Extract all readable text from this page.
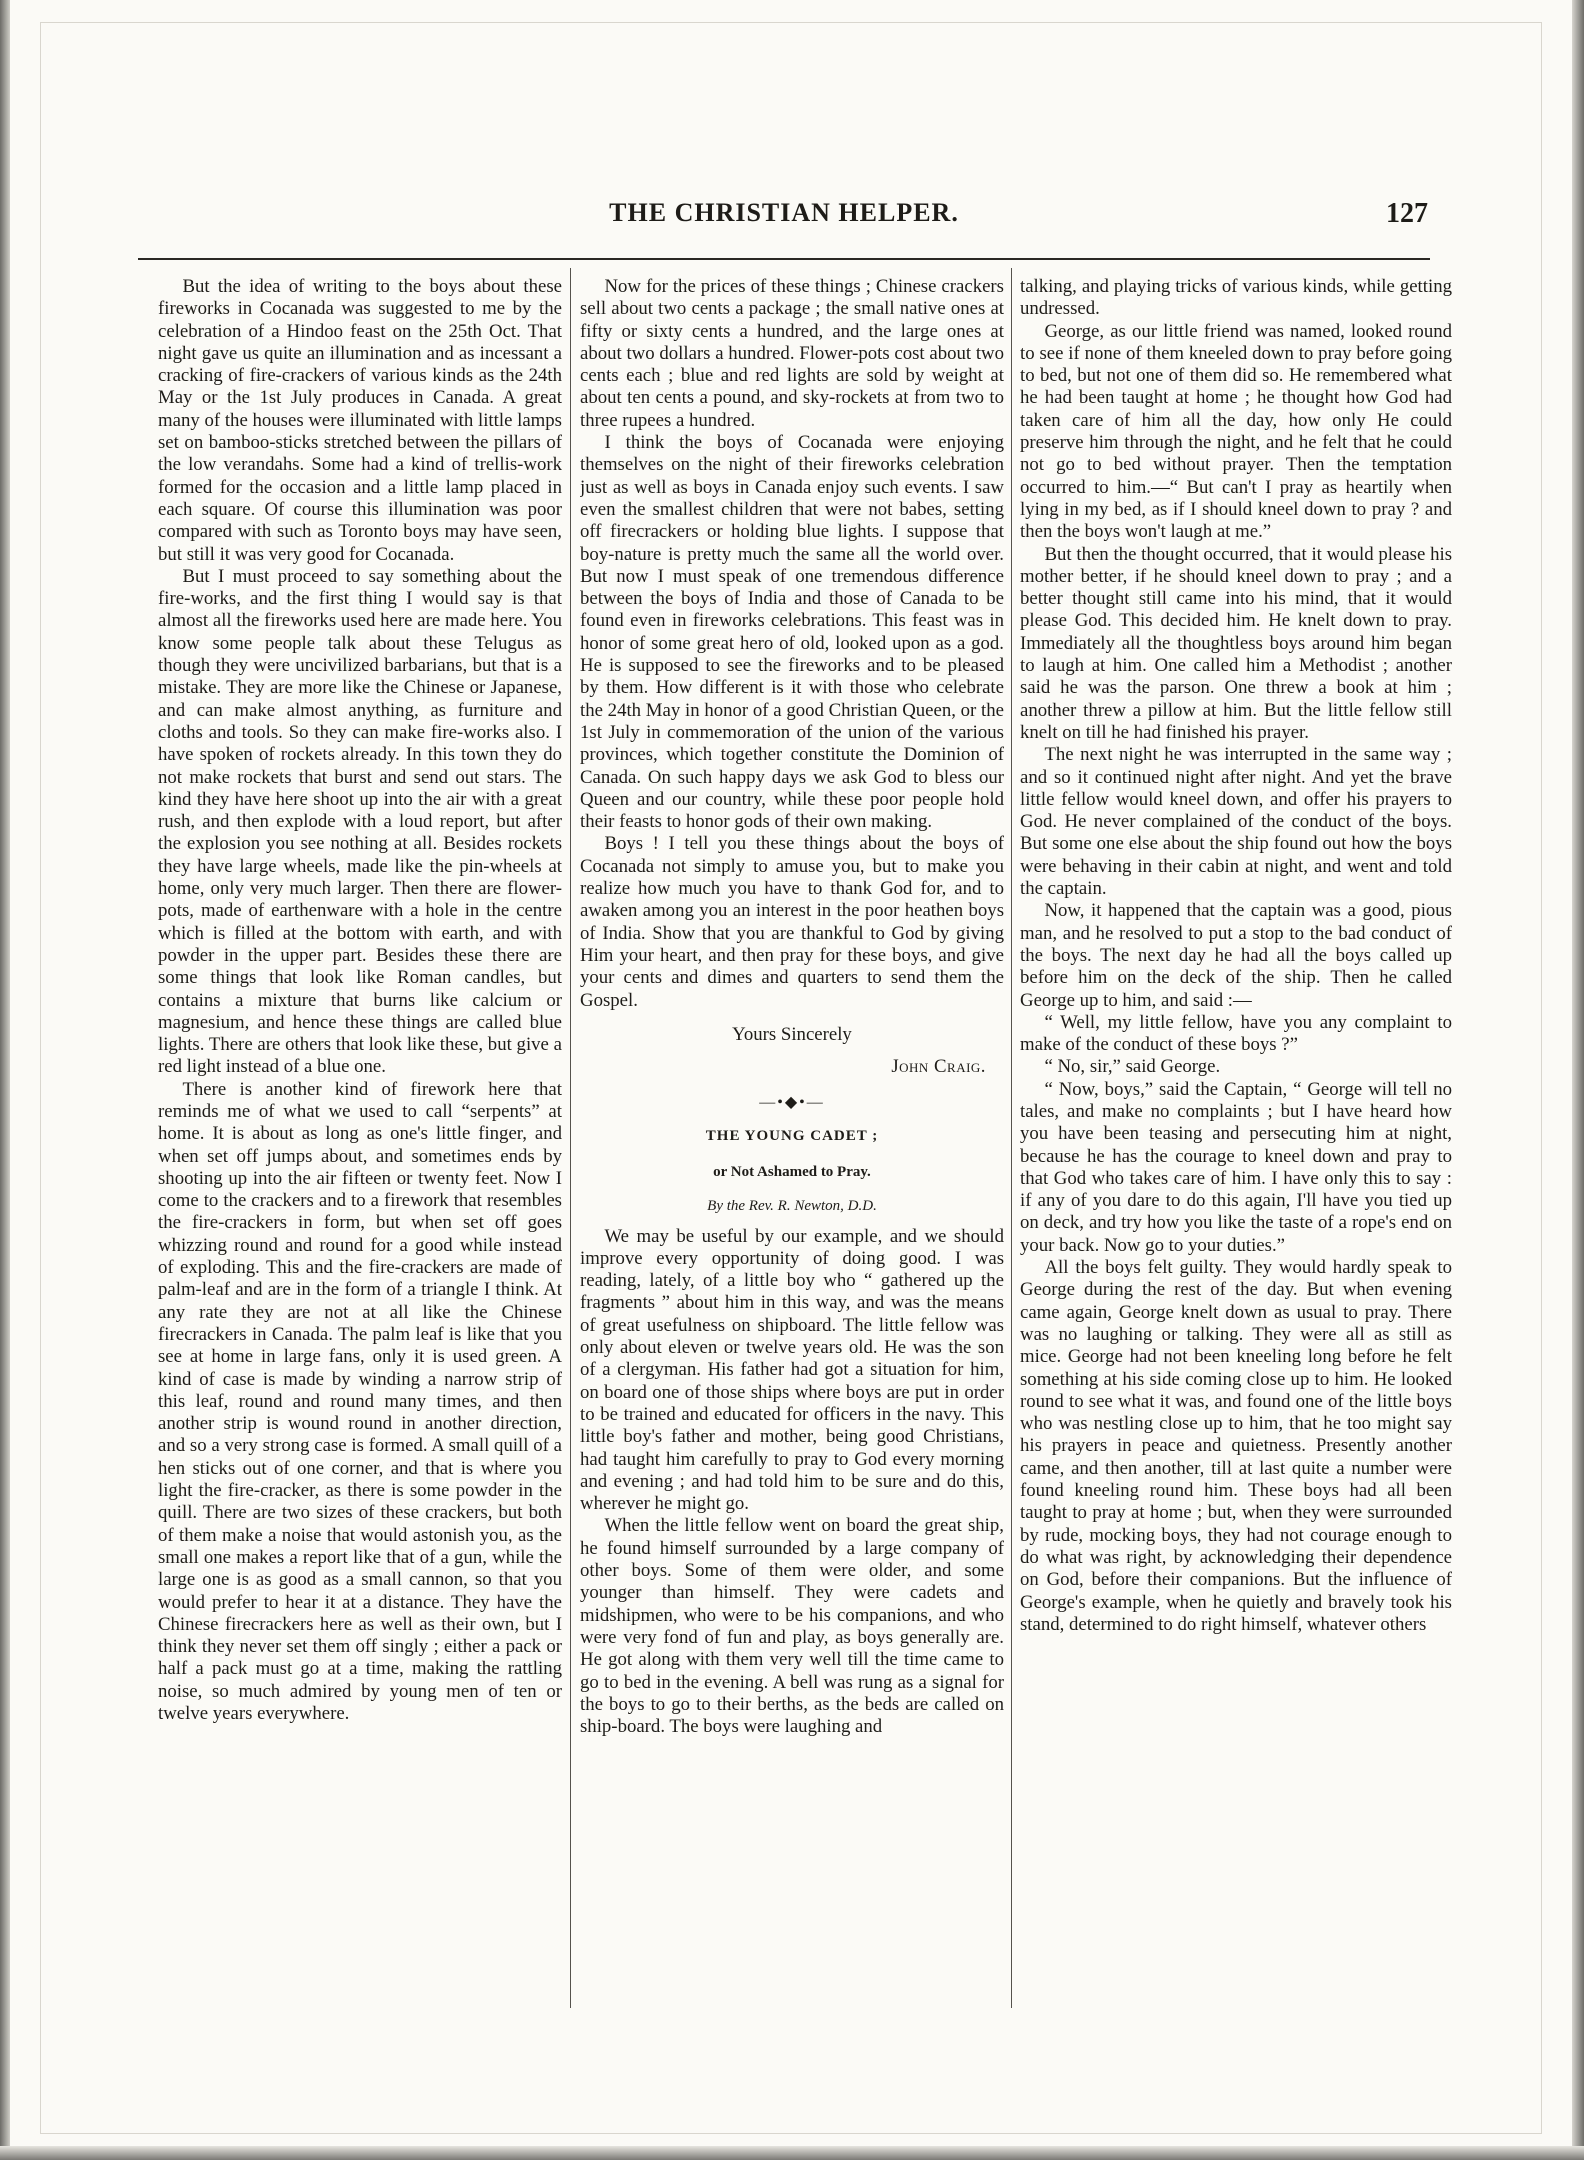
THE CHRISTIAN HELPER.	127

But the idea of writing to the boys about these fireworks in Cocanada was suggested to me by the celebration of a Hindoo feast on the 25th Oct. That night gave us quite an illumination and as incessant a cracking of fire-crackers of various kinds as the 24th May or the 1st July produces in Canada. A great many of the houses were illuminated with little lamps set on bamboo-sticks stretched between the pillars of the low verandahs. Some had a kind of trellis-work formed for the occasion and a little lamp placed in each square. Of course this illumination was poor compared with such as Toronto boys may have seen, but still it was very good for Cocanada.

But I must proceed to say something about the fire-works, and the first thing I would say is that almost all the fireworks used here are made here. You know some people talk about these Telugus as though they were uncivilized barbarians, but that is a mistake. They are more like the Chinese or Japanese, and can make almost anything, as furniture and cloths and tools. So they can make fire-works also. I have spoken of rockets already. In this town they do not make rockets that burst and send out stars. The kind they have here shoot up into the air with a great rush, and then explode with a loud report, but after the explosion you see nothing at all. Besides rockets they have large wheels, made like the pin-wheels at home, only very much larger. Then there are flower-pots, made of earthenware with a hole in the centre which is filled at the bottom with earth, and with powder in the upper part. Besides these there are some things that look like Roman candles, but contains a mixture that burns like calcium or magnesium, and hence these things are called blue lights. There are others that look like these, but give a red light instead of a blue one.

There is another kind of firework here that reminds me of what we used to call “serpents” at home. It is about as long as one's little finger, and when set off jumps about, and sometimes ends by shooting up into the air fifteen or twenty feet. Now I come to the crackers and to a firework that resembles the fire-crackers in form, but when set off goes whizzing round and round for a good while instead of exploding. This and the fire-crackers are made of palm-leaf and are in the form of a triangle I think. At any rate they are not at all like the Chinese firecrackers in Canada. The palm leaf is like that you see at home in large fans, only it is used green. A kind of case is made by winding a narrow strip of this leaf, round and round many times, and then another strip is wound round in another direction, and so a very strong case is formed. A small quill of a hen sticks out of one corner, and that is where you light the fire-cracker, as there is some powder in the quill. There are two sizes of these crackers, but both of them make a noise that would astonish you, as the small one makes a report like that of a gun, while the large one is as good as a small cannon, so that you would prefer to hear it at a distance. They have the Chinese firecrackers here as well as their own, but I think they never set them off singly ; either a pack or half a pack must go at a time, making the rattling noise, so much admired by young men of ten or twelve years everywhere.

Now for the prices of these things ; Chinese crackers sell about two cents a package ; the small native ones at fifty or sixty cents a hundred, and the large ones at about two dollars a hundred. Flower-pots cost about two cents each ; blue and red lights are sold by weight at about ten cents a pound, and sky-rockets at from two to three rupees a hundred.

I think the boys of Cocanada were enjoying themselves on the night of their fireworks celebration just as well as boys in Canada enjoy such events. I saw even the smallest children that were not babes, setting off firecrackers or holding blue lights. I suppose that boy-nature is pretty much the same all the world over. But now I must speak of one tremendous difference between the boys of India and those of Canada to be found even in fireworks celebrations. This feast was in honor of some great hero of old, looked upon as a god. He is supposed to see the fireworks and to be pleased by them. How different is it with those who celebrate the 24th May in honor of a good Christian Queen, or the 1st July in commemoration of the union of the various provinces, which together constitute the Dominion of Canada. On such happy days we ask God to bless our Queen and our country, while these poor people hold their feasts to honor gods of their own making.

Boys ! I tell you these things about the boys of Cocanada not simply to amuse you, but to make you realize how much you have to thank God for, and to awaken among you an interest in the poor heathen boys of India. Show that you are thankful to God by giving Him your heart, and then pray for these boys, and give your cents and dimes and quarters to send them the Gospel.

Yours Sincerely

John Craig.

—•◆•—

THE YOUNG CADET ;

or Not Ashamed to Pray.

By the Rev. R. Newton, D.D.

We may be useful by our example, and we should improve every opportunity of doing good. I was reading, lately, of a little boy who “ gathered up the fragments ” about him in this way, and was the means of great usefulness on shipboard. The little fellow was only about eleven or twelve years old. He was the son of a clergyman. His father had got a situation for him, on board one of those ships where boys are put in order to be trained and educated for officers in the navy. This little boy's father and mother, being good Christians, had taught him carefully to pray to God every morning and evening ; and had told him to be sure and do this, wherever he might go.

When the little fellow went on board the great ship, he found himself surrounded by a large company of other boys. Some of them were older, and some younger than himself. They were cadets and midshipmen, who were to be his companions, and who were very fond of fun and play, as boys generally are. He got along with them very well till the time came to go to bed in the evening. A bell was rung as a signal for the boys to go to their berths, as the beds are called on ship-board. The boys were laughing and

talking, and playing tricks of various kinds, while getting undressed.

George, as our little friend was named, looked round to see if none of them kneeled down to pray before going to bed, but not one of them did so. He remembered what he had been taught at home ; he thought how God had taken care of him all the day, how only He could preserve him through the night, and he felt that he could not go to bed without prayer. Then the temptation occurred to him.—“ But can't I pray as heartily when lying in my bed, as if I should kneel down to pray ? and then the boys won't laugh at me.”

But then the thought occurred, that it would please his mother better, if he should kneel down to pray ; and a better thought still came into his mind, that it would please God. This decided him. He knelt down to pray. Immediately all the thoughtless boys around him began to laugh at him. One called him a Methodist ; another said he was the parson. One threw a book at him ; another threw a pillow at him. But the little fellow still knelt on till he had finished his prayer.

The next night he was interrupted in the same way ; and so it continued night after night. And yet the brave little fellow would kneel down, and offer his prayers to God. He never complained of the conduct of the boys. But some one else about the ship found out how the boys were behaving in their cabin at night, and went and told the captain.

Now, it happened that the captain was a good, pious man, and he resolved to put a stop to the bad conduct of the boys. The next day he had all the boys called up before him on the deck of the ship. Then he called George up to him, and said :—

“ Well, my little fellow, have you any complaint to make of the conduct of these boys ?”

“ No, sir,” said George.

“ Now, boys,” said the Captain, “ George will tell no tales, and make no complaints ; but I have heard how you have been teasing and persecuting him at night, because he has the courage to kneel down and pray to that God who takes care of him. I have only this to say : if any of you dare to do this again, I'll have you tied up on deck, and try how you like the taste of a rope's end on your back. Now go to your duties.”

All the boys felt guilty. They would hardly speak to George during the rest of the day. But when evening came again, George knelt down as usual to pray. There was no laughing or talking. They were all as still as mice. George had not been kneeling long before he felt something at his side coming close up to him. He looked round to see what it was, and found one of the little boys who was nestling close up to him, that he too might say his prayers in peace and quietness. Presently another came, and then another, till at last quite a number were found kneeling round him. These boys had all been taught to pray at home ; but, when they were surrounded by rude, mocking boys, they had not courage enough to do what was right, by acknowledging their dependence on God, before their companions. But the influence of George's example, when he quietly and bravely took his stand, determined to do right himself, whatever others
